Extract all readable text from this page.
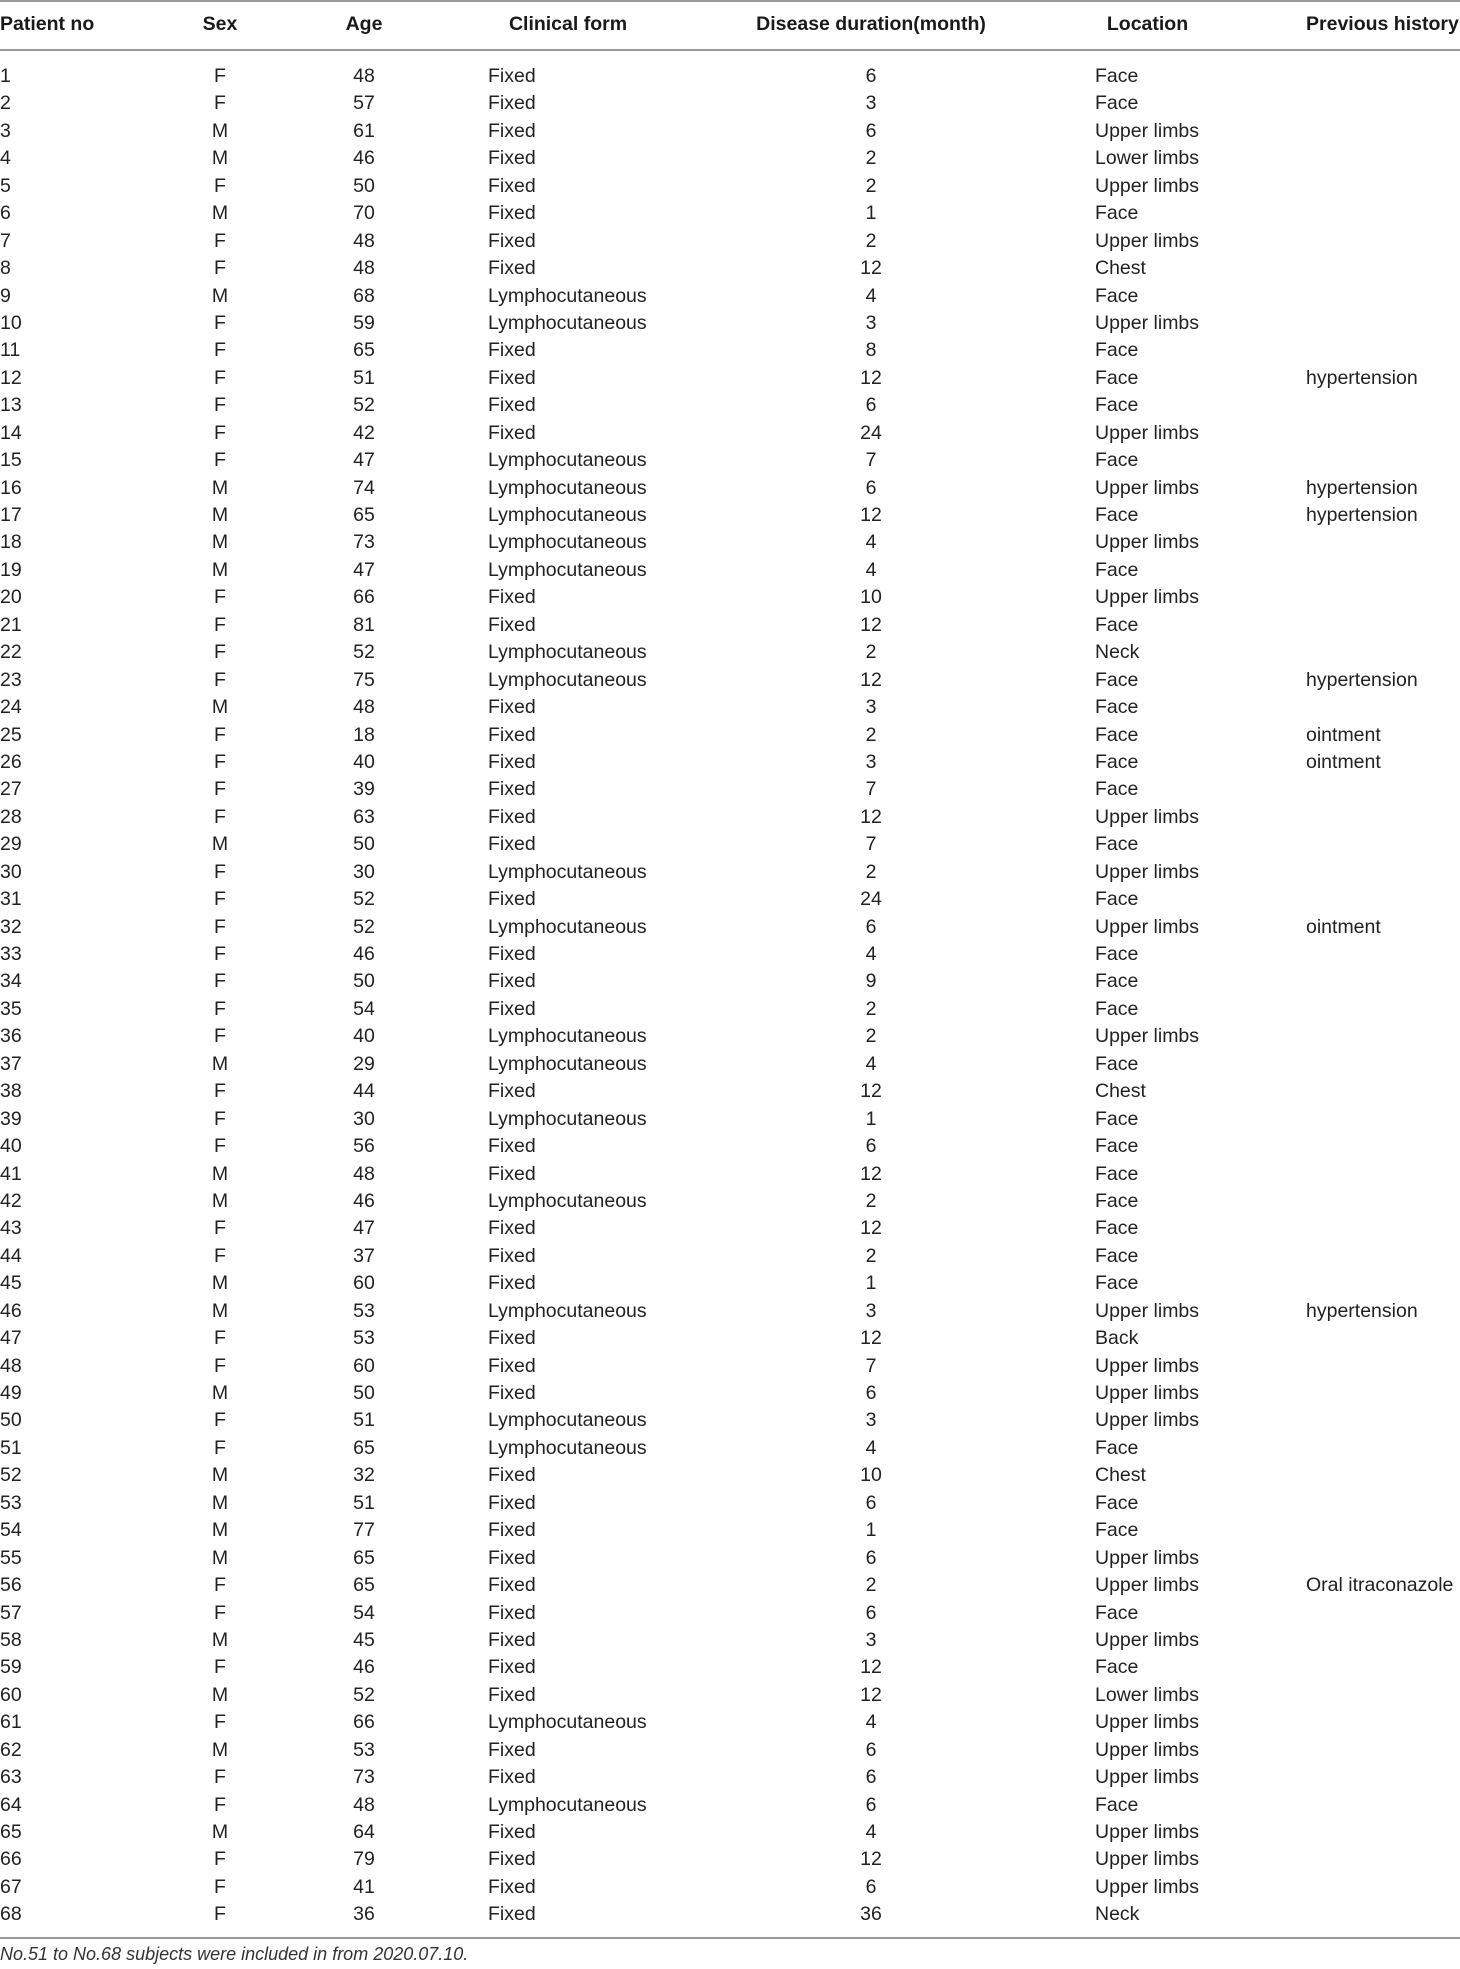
Patient no	Sex	Age	Clinical form	Disease duration(month)	Location	Previous history
1	F	48	Fixed	6	Face
2	F	57	Fixed	3	Face
3	M	61	Fixed	6	Upper limbs
4	M	46	Fixed	2	Lower limbs
5	F	50	Fixed	2	Upper limbs
6	M	70	Fixed	1	Face
7	F	48	Fixed	2	Upper limbs
8	F	48	Fixed	12	Chest
9	M	68	Lymphocutaneous	4	Face
10	F	59	Lymphocutaneous	3	Upper limbs
11	F	65	Fixed	8	Face
12	F	51	Fixed	12	Face	hypertension
13	F	52	Fixed	6	Face
14	F	42	Fixed	24	Upper limbs
15	F	47	Lymphocutaneous	7	Face
16	M	74	Lymphocutaneous	6	Upper limbs	hypertension
17	M	65	Lymphocutaneous	12	Face	hypertension
18	M	73	Lymphocutaneous	4	Upper limbs
19	M	47	Lymphocutaneous	4	Face
20	F	66	Fixed	10	Upper limbs
21	F	81	Fixed	12	Face
22	F	52	Lymphocutaneous	2	Neck
23	F	75	Lymphocutaneous	12	Face	hypertension
24	M	48	Fixed	3	Face
25	F	18	Fixed	2	Face	ointment
26	F	40	Fixed	3	Face	ointment
27	F	39	Fixed	7	Face
28	F	63	Fixed	12	Upper limbs
29	M	50	Fixed	7	Face
30	F	30	Lymphocutaneous	2	Upper limbs
31	F	52	Fixed	24	Face
32	F	52	Lymphocutaneous	6	Upper limbs	ointment
33	F	46	Fixed	4	Face
34	F	50	Fixed	9	Face
35	F	54	Fixed	2	Face
36	F	40	Lymphocutaneous	2	Upper limbs
37	M	29	Lymphocutaneous	4	Face
38	F	44	Fixed	12	Chest
39	F	30	Lymphocutaneous	1	Face
40	F	56	Fixed	6	Face
41	M	48	Fixed	12	Face
42	M	46	Lymphocutaneous	2	Face
43	F	47	Fixed	12	Face
44	F	37	Fixed	2	Face
45	M	60	Fixed	1	Face
46	M	53	Lymphocutaneous	3	Upper limbs	hypertension
47	F	53	Fixed	12	Back
48	F	60	Fixed	7	Upper limbs
49	M	50	Fixed	6	Upper limbs
50	F	51	Lymphocutaneous	3	Upper limbs
51	F	65	Lymphocutaneous	4	Face
52	M	32	Fixed	10	Chest
53	M	51	Fixed	6	Face
54	M	77	Fixed	1	Face
55	M	65	Fixed	6	Upper limbs
56	F	65	Fixed	2	Upper limbs	Oral itraconazole
57	F	54	Fixed	6	Face
58	M	45	Fixed	3	Upper limbs
59	F	46	Fixed	12	Face
60	M	52	Fixed	12	Lower limbs
61	F	66	Lymphocutaneous	4	Upper limbs
62	M	53	Fixed	6	Upper limbs
63	F	73	Fixed	6	Upper limbs
64	F	48	Lymphocutaneous	6	Face
65	M	64	Fixed	4	Upper limbs
66	F	79	Fixed	12	Upper limbs
67	F	41	Fixed	6	Upper limbs
68	F	36	Fixed	36	Neck
No.51 to No.68 subjects were included in from 2020.07.10.
